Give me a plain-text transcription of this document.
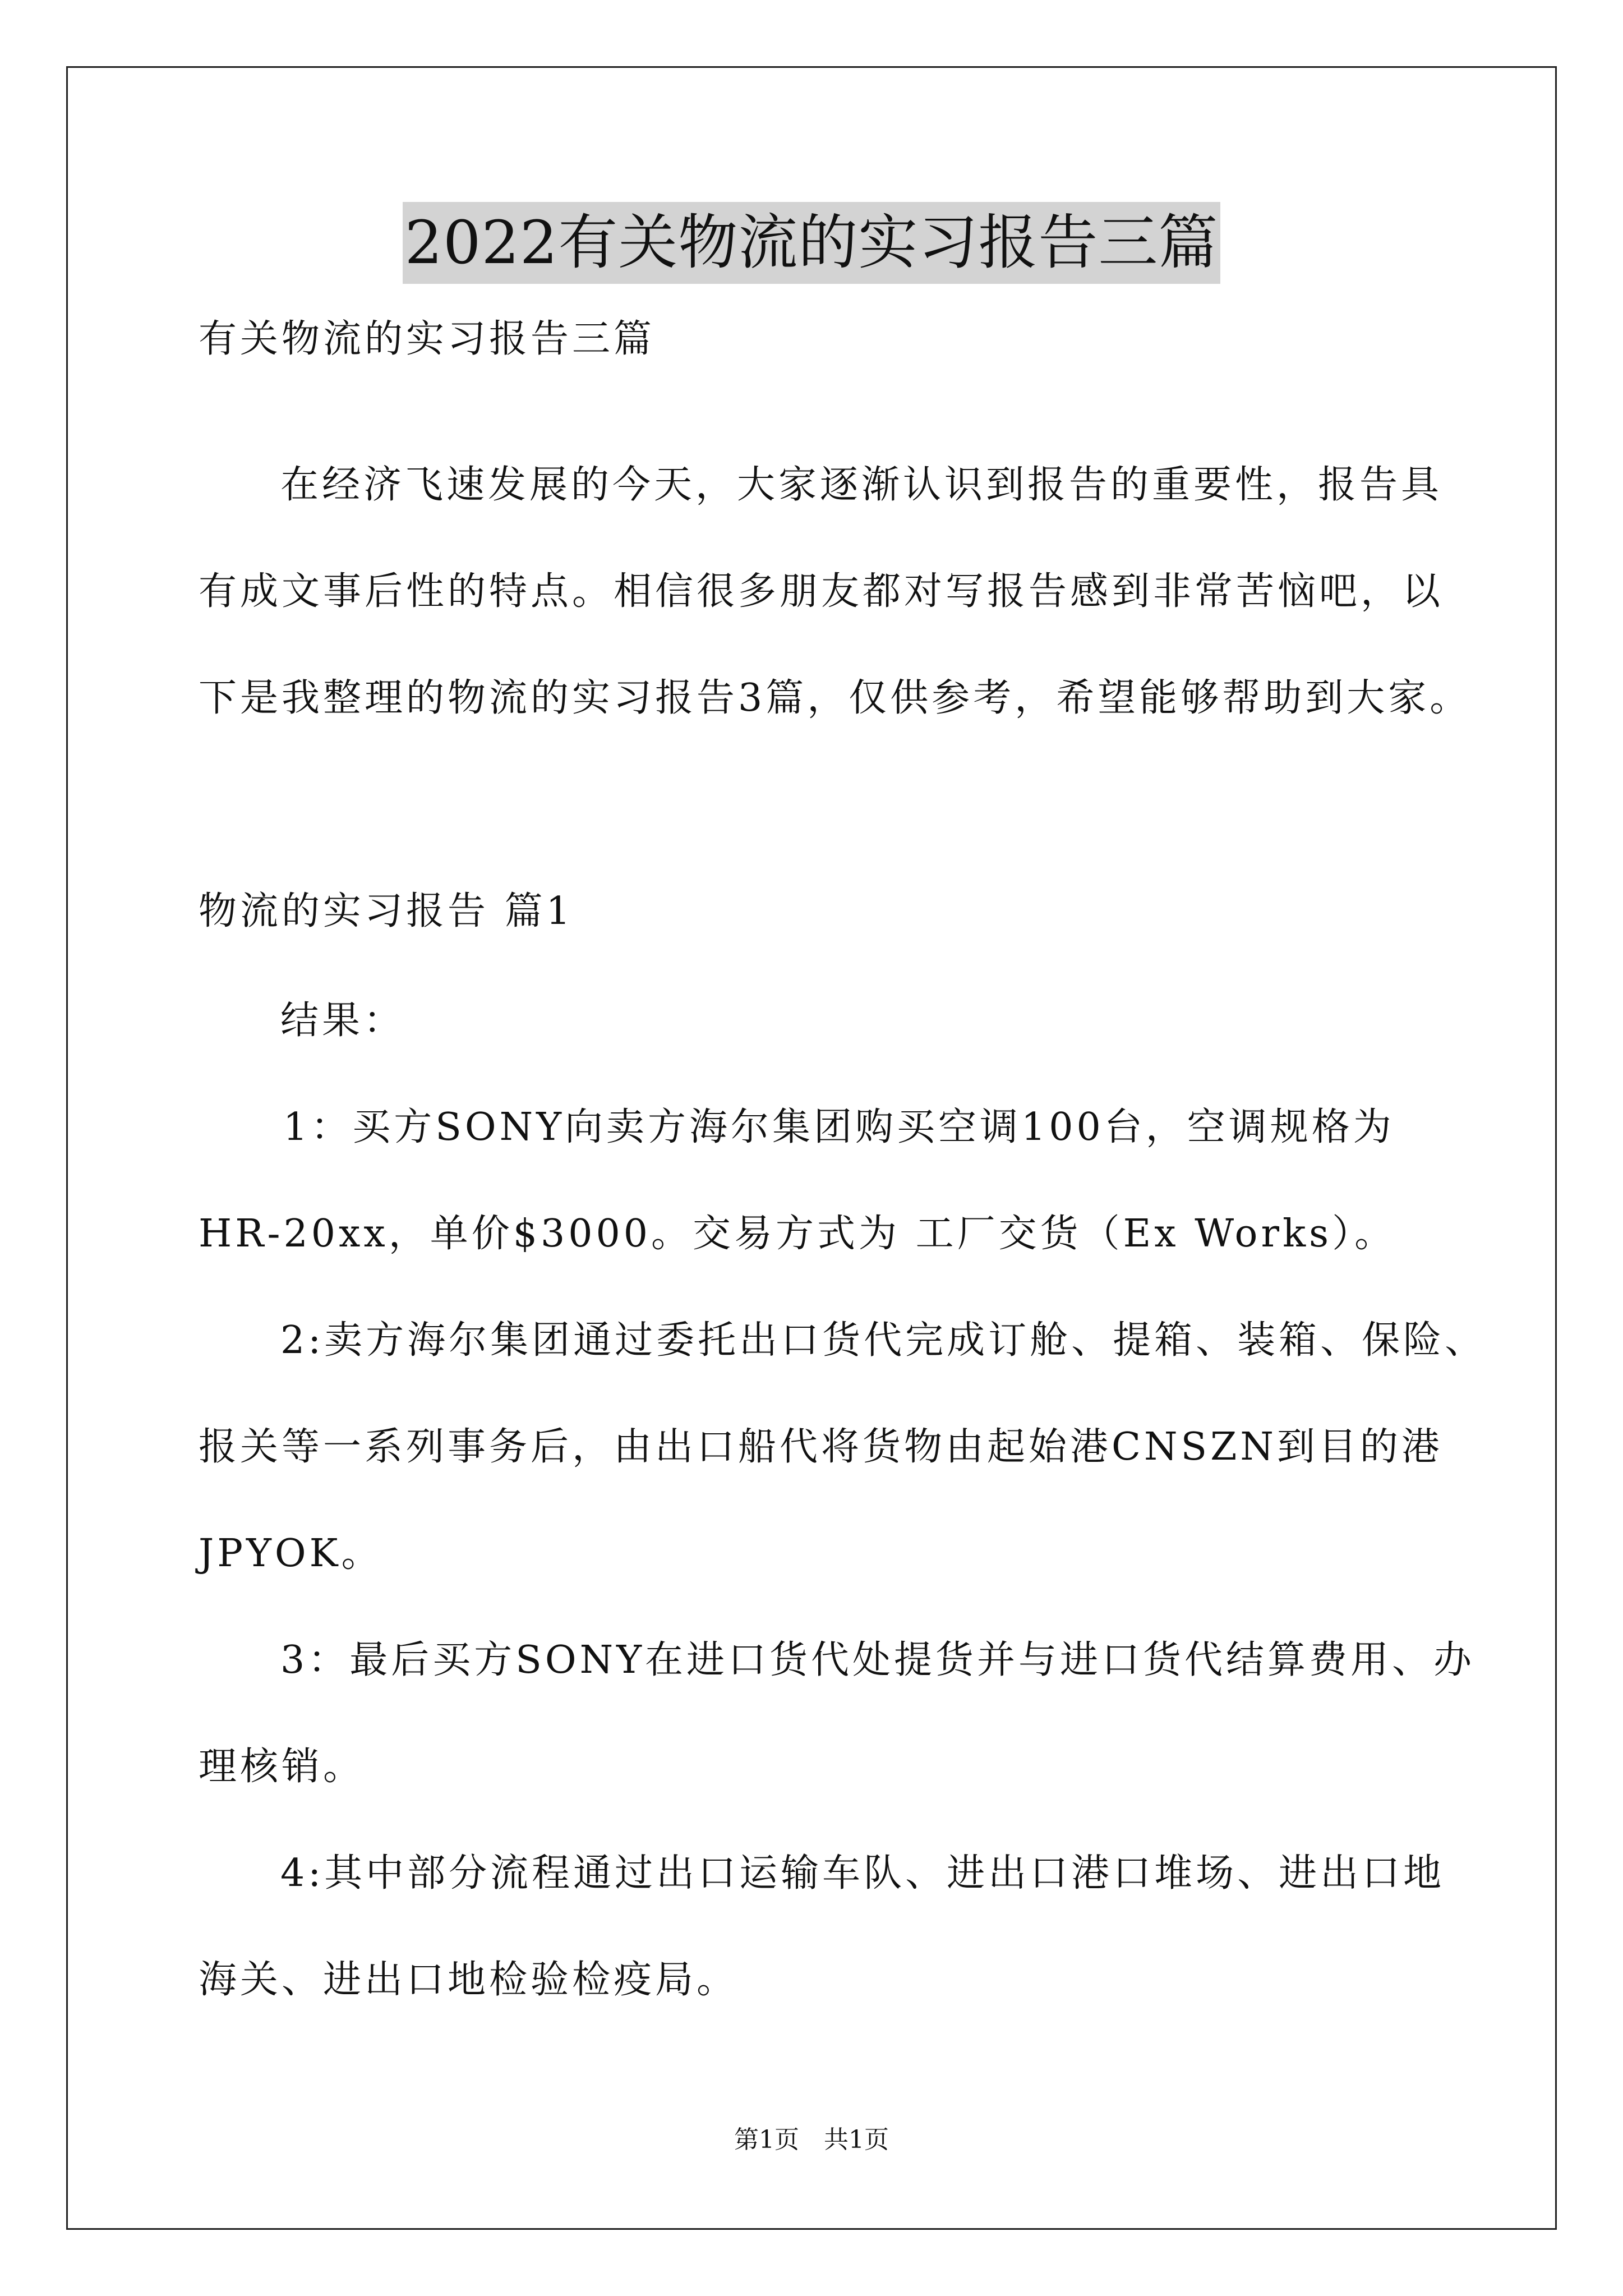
2022有关物流的实习报告三篇
有关物流的实习报告三篇
在经济飞速发展的今天，大家逐渐认识到报告的重要性，报告具
有成文事后性的特点。相信很多朋友都对写报告感到非常苦恼吧，以
下是我整理的物流的实习报告3篇，仅供参考，希望能够帮助到大家。
物流的实习报告 篇1
结果：
1：买方SONY向卖方海尔集团购买空调100台，空调规格为
HR-20xx，单价$3000。交易方式为 工厂交货（Ex Works）。
2:卖方海尔集团通过委托出口货代完成订舱、提箱、装箱、保险、
报关等一系列事务后，由出口船代将货物由起始港CNSZN到目的港
JPYOK。
3：最后买方SONY在进口货代处提货并与进口货代结算费用、办
理核销。
4:其中部分流程通过出口运输车队、进出口港口堆场、进出口地
海关、进出口地检验检疫局。
第1页　共1页
